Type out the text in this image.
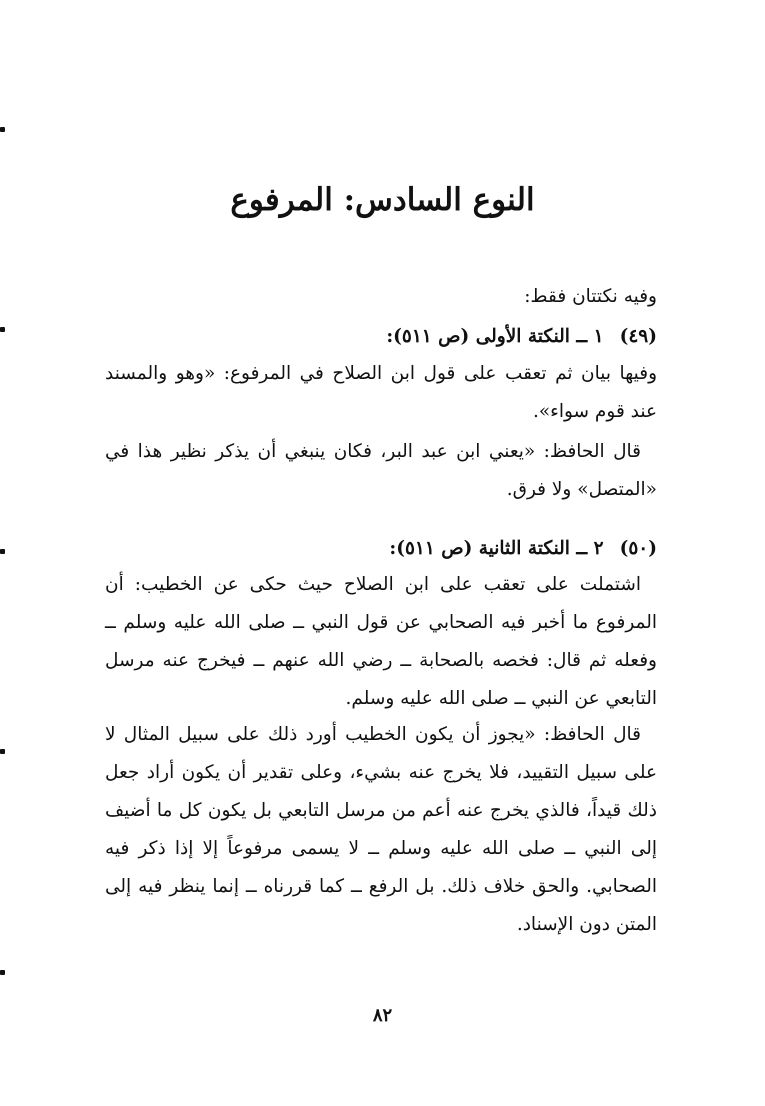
النوع السادس: المرفوع

وفيه نكتتان فقط:

(٤٩)١ ــ النكتة الأولى (ص ٥١١):

وفيها بيان ثم تعقب على قول ابن الصلاح في المرفوع: «وهو والمسند عند قوم سواء».

قال الحافظ: «يعني ابن عبد البر، فكان ينبغي أن يذكر نظير هذا في «المتصل» ولا فرق.

(٥٠)٢ ــ النكتة الثانية (ص ٥١١):

اشتملت على تعقب على ابن الصلاح حيث حكى عن الخطيب: أن المرفوع ما أخبر فيه الصحابي عن قول النبي ــ صلى الله عليه وسلم ــ وفعله ثم قال: فخصه بالصحابة ــ رضي الله عنهم ــ فيخرج عنه مرسل التابعي عن النبي ــ صلى الله عليه وسلم.

قال الحافظ: «يجوز أن يكون الخطيب أورد ذلك على سبيل المثال لا على سبيل التقييد، فلا يخرج عنه بشيء، وعلى تقدير أن يكون أراد جعل ذلك قيداً، فالذي يخرج عنه أعم من مرسل التابعي بل يكون كل ما أضيف إلى النبي ــ صلى الله عليه وسلم ــ لا يسمى مرفوعاً إلا إذا ذكر فيه الصحابي. والحق خلاف ذلك. بل الرفع ــ كما قررناه ــ إنما ينظر فيه إلى المتن دون الإسناد.

٨٢
